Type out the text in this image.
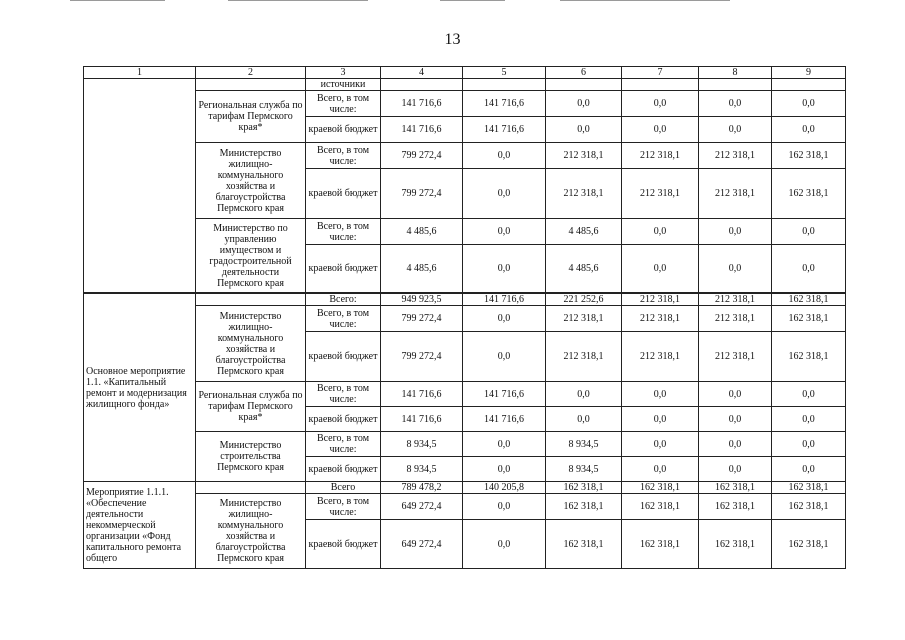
13
1	2	3	4	5	6	7	8	9
		источники						
	Региональная служба по тарифам Пермского края*	Всего, в том числе:	141 716,6	141 716,6	0,0	0,0	0,0	0,0
		краевой бюджет	141 716,6	141 716,6	0,0	0,0	0,0	0,0
	Министерство жилищно-коммунального хозяйства и благоустройства Пермского края	Всего, в том числе:	799 272,4	0,0	212 318,1	212 318,1	212 318,1	162 318,1
		краевой бюджет	799 272,4	0,0	212 318,1	212 318,1	212 318,1	162 318,1
	Министерство по управлению имуществом и градостроительной деятельности Пермского края	Всего, в том числе:	4 485,6	0,0	4 485,6	0,0	0,0	0,0
		краевой бюджет	4 485,6	0,0	4 485,6	0,0	0,0	0,0
Основное мероприятие 1.1. «Капитальный ремонт и модернизация жилищного фонда»		Всего:	949 923,5	141 716,6	221 252,6	212 318,1	212 318,1	162 318,1
	Министерство жилищно-коммунального хозяйства и благоустройства Пермского края	Всего, в том числе:	799 272,4	0,0	212 318,1	212 318,1	212 318,1	162 318,1
		краевой бюджет	799 272,4	0,0	212 318,1	212 318,1	212 318,1	162 318,1
	Региональная служба по тарифам Пермского края*	Всего, в том числе:	141 716,6	141 716,6	0,0	0,0	0,0	0,0
		краевой бюджет	141 716,6	141 716,6	0,0	0,0	0,0	0,0
	Министерство строительства Пермского края	Всего, в том числе:	8 934,5	0,0	8 934,5	0,0	0,0	0,0
		краевой бюджет	8 934,5	0,0	8 934,5	0,0	0,0	0,0
Мероприятие 1.1.1. «Обеспечение деятельности некоммерческой организации «Фонд капитального ремонта общего		Всего	789 478,2	140 205,8	162 318,1	162 318,1	162 318,1	162 318,1
	Министерство жилищно-коммунального хозяйства и благоустройства Пермского края	Всего, в том числе:	649 272,4	0,0	162 318,1	162 318,1	162 318,1	162 318,1
		краевой бюджет	649 272,4	0,0	162 318,1	162 318,1	162 318,1	162 318,1
